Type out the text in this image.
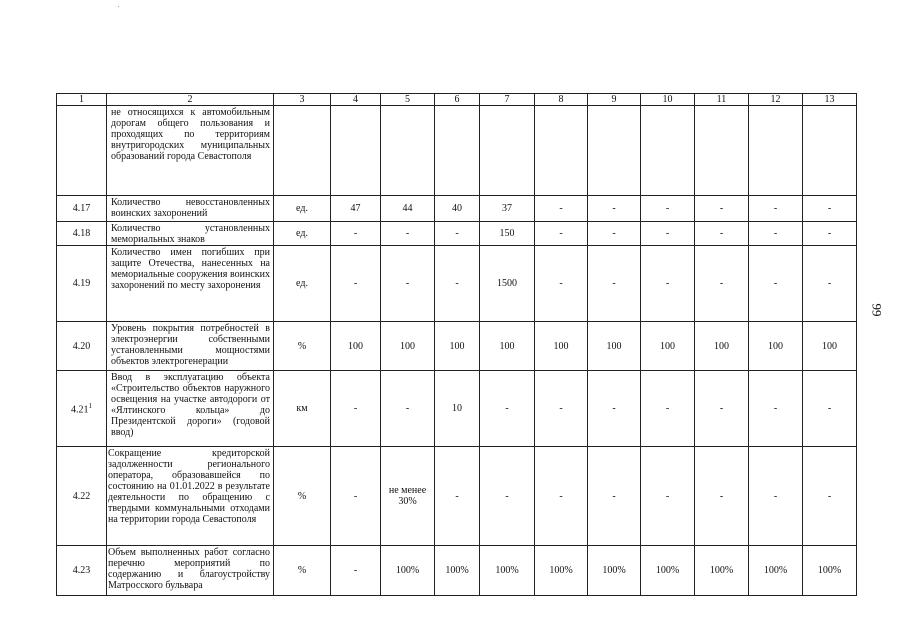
1	2	3	4	5	6	7	8	9	10	11	12	13
	не относящихся к автомобильным дорогам общего пользования и проходящих по территориям внутригородских муниципальных образований города Севастополя											
4.17	Количество невосстановленных воинских захоронений	ед.	47	44	40	37	-	-	-	-	-	-
4.18	Количество установленных мемориальных знаков	ед.	-	-	-	150	-	-	-	-	-	-
4.19	Количество имен погибших при защите Отечества, нанесенных на мемориальные сооружения воинских захоронений по месту захоронения	ед.	-	-	-	1500	-	-	-	-	-	-
4.20	Уровень покрытия потребностей в электроэнергии собственными установленными мощностями объектов электрогенерации	%	100	100	100	100	100	100	100	100	100	100
4.21$^1$	Ввод в эксплуатацию объекта «Строительство объектов наружного освещения на участке автодороги от «Ялтинского кольца» до Президентской дороги» (годовой ввод)	км	-	-	10	-	-	-	-	-	-	-
4.22	Сокращение кредиторской задолженности регионального оператора, образовавшейся по состоянию на 01.01.2022 в результате деятельности по обращению с твердыми коммунальными отходами на территории города Севастополя	%	-	не менее 30%	-	-	-	-	-	-	-	-
4.23	Объем выполненных работ согласно перечню мероприятий по содержанию и благоустройству Матросского бульвара	%	-	100%	100%	100%	100%	100%	100%	100%	100%	100%
99
